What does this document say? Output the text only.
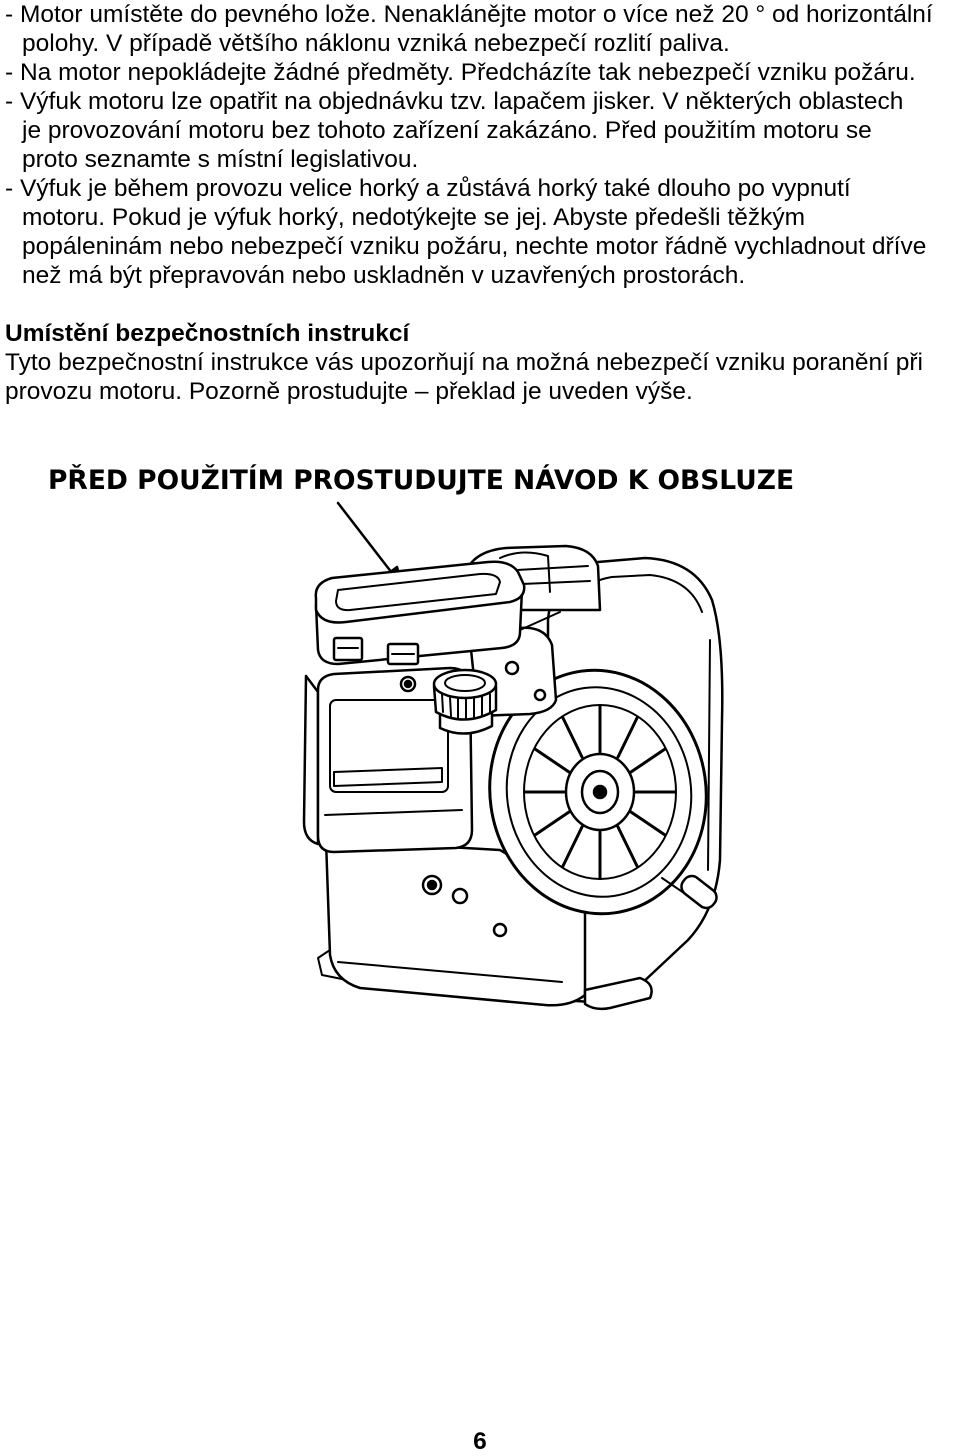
- Motor umístěte do pevného lože. Nenaklánějte motor o více než 20 ° od horizontální
polohy. V případě většího náklonu vzniká nebezpečí rozlití paliva.
- Na motor nepokládejte žádné předměty. Předcházíte tak nebezpečí vzniku požáru.
- Výfuk motoru lze opatřit na objednávku tzv. lapačem jisker. V některých oblastech
je provozování motoru bez tohoto zařízení zakázáno. Před použitím motoru se
proto seznamte s místní legislativou.
- Výfuk je během provozu velice horký a zůstává horký také dlouho po vypnutí
motoru. Pokud je výfuk horký, nedotýkejte se jej. Abyste předešli těžkým
popáleninám nebo nebezpečí vzniku požáru, nechte motor řádně vychladnout dříve
než má být přepravován nebo uskladněn v uzavřených prostorách.
Umístění bezpečnostních instrukcí
Tyto bezpečnostní instrukce vás upozorňují na možná nebezpečí vzniku poranění při
provozu motoru. Pozorně prostudujte – překlad je uveden výše.
PŘED POUŽITÍM PROSTUDUJTE NÁVOD K OBSLUZE
6
